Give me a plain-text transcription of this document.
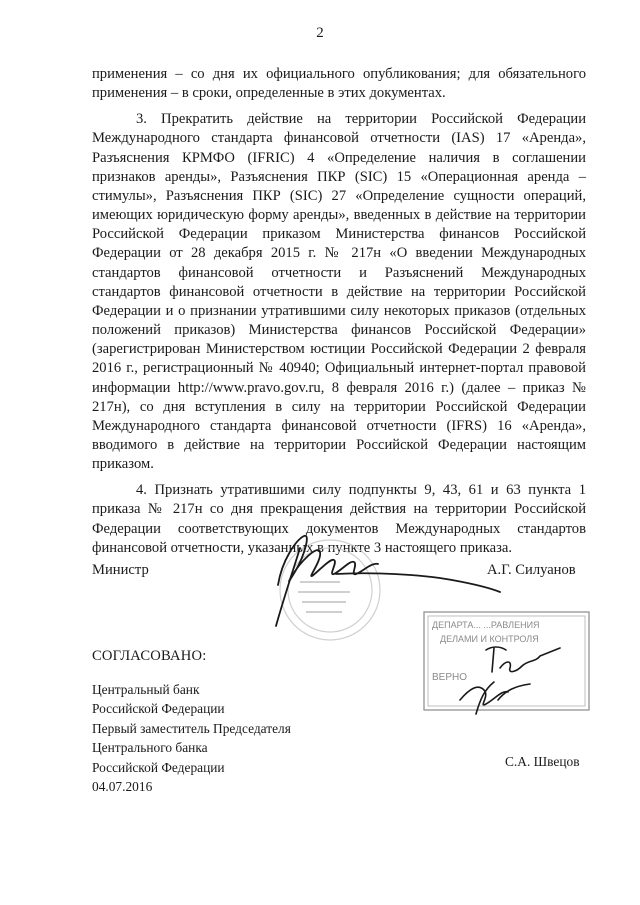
2

применения – со дня их официального опубликования; для обязательного применения – в сроки, определенные в этих документах.

3. Прекратить действие на территории Российской Федерации Международного стандарта финансовой отчетности (IAS) 17 «Аренда», Разъяснения КРМФО (IFRIC) 4 «Определение наличия в соглашении признаков аренды», Разъяснения ПКР (SIC) 15 «Операционная аренда – стимулы», Разъяснения ПКР (SIC) 27 «Определение сущности операций, имеющих юридическую форму аренды», введенных в действие на территории Российской Федерации приказом Министерства финансов Российской Федерации от 28 декабря 2015 г. № 217н «О введении Международных стандартов финансовой отчетности и Разъяснений Международных стандартов финансовой отчетности в действие на территории Российской Федерации и о признании утратившими силу некоторых приказов (отдельных положений приказов) Министерства финансов Российской Федерации» (зарегистрирован Министерством юстиции Российской Федерации 2 февраля 2016 г., регистрационный № 40940; Официальный интернет-портал правовой информации http://www.pravo.gov.ru, 8 февраля 2016 г.) (далее – приказ № 217н), со дня вступления в силу на территории Российской Федерации Международного стандарта финансовой отчетности (IFRS) 16 «Аренда», вводимого в действие на территории Российской Федерации настоящим приказом.

4. Признать утратившими силу подпункты 9, 43, 61 и 63 пункта 1 приказа № 217н со дня прекращения действия на территории Российской Федерации соответствующих документов Международных стандартов финансовой отчетности, указанных в пункте 3 настоящего приказа.

Министр	А.Г. Силуанов
ДЕПАРТА... ...РАВЛЕНИЯ
ДЕЛАМИ И КОНТРОЛЯ
ВЕРНО
СОГЛАСОВАНО:
Центральный банк
Российской Федерации
Первый заместитель Председателя
Центрального банка
Российской Федерации
04.07.2016
С.А. Швецов
